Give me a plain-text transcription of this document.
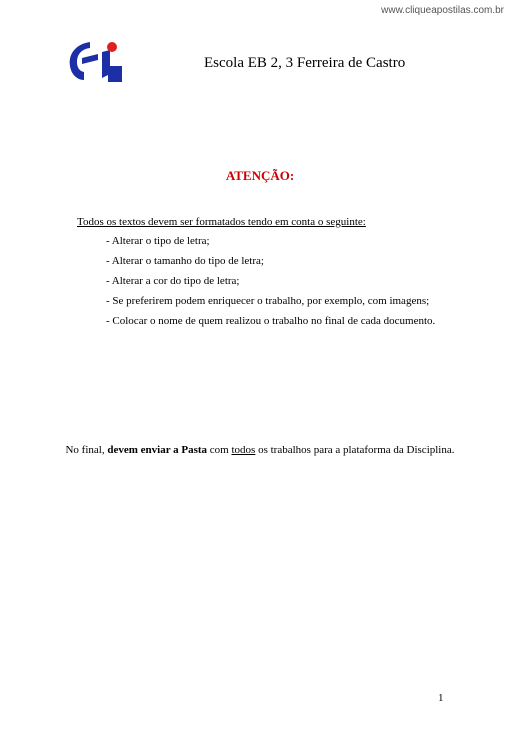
www.cliqueapostilas.com.br
Escola EB 2, 3 Ferreira de Castro
ATENÇÃO:
Todos os textos devem ser formatados tendo em conta o seguinte:
- Alterar o tipo de letra;
- Alterar o tamanho do tipo de letra;
- Alterar a cor do tipo de letra;
- Se preferirem podem enriquecer o trabalho, por exemplo, com imagens;
- Colocar o nome de quem realizou o trabalho no final de cada documento.
No final, devem enviar a Pasta com todos os trabalhos para a plataforma da Disciplina.
1
